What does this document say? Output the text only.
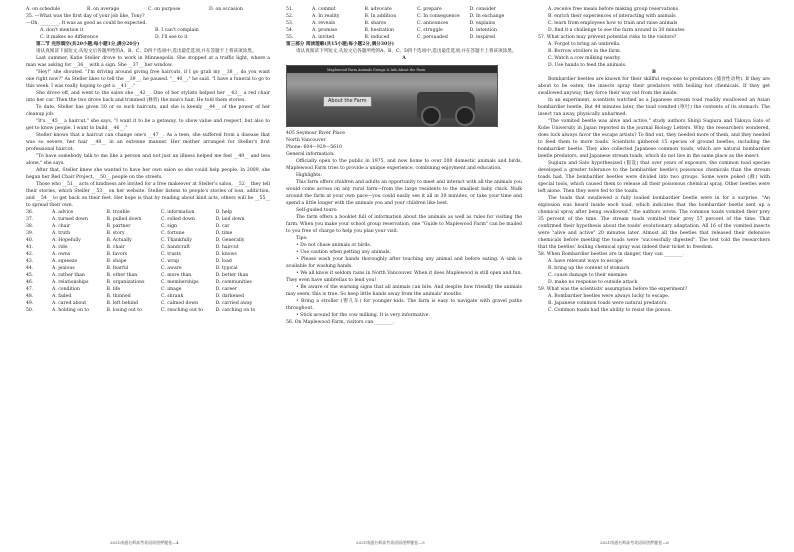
A. on schedule	B. on average	C. on purpose	D. on occasion
35. —What was the first day of your job like, Tony?
—Oh, ________. It was as good as could be expected.
A. don't mention it	B. I can't complain
C. it makes no difference	D. I'll see to it
第二节 完形填空(共20小题;每小题1分,满分20分)

请认真阅读下面短文,从短文后各题所给的A、B、C、D四个选项中,选出最佳选项,并在答题卡上将该项涂黑。

Last summer, Katie Steller drove to work in Minneapolis. She stopped at a traffic light, where a man was asking for __36__ with a sign. She __37__ her window.

"Hey!" she shouted. "I'm driving around giving free haircuts, if I go grab my __38__, do you want one right now?" As Steller likes to tell the __39__, he paused. "__40__," he said. "I have a funeral to go to this week. I was really hoping to get a __41__."

She drove off, and went to the salon she __42__. One of her stylists helped her __43__ a red chair into her car. Then the two drove back and trimmed (修剪) the man's hair. He told them stories.

To date, Steller has given 30 or so such haircuts, and she is keenly __44__ of the power of her cleanup job.

"It's __45__ a haircut," she says, "I want it to be a getaway, to show value and respect, but also to get to know people. I want to build __46__."

Steller knows that a haircut can change one's __47__. As a teen, she suffered from a disease that was so severe, her hair __48__ in an extreme manner. Her mother arranged for Steller's first professional haircut.

"To have somebody talk to me like a person and not just an illness helped me feel __49__ and less alone," she says.

After that, Steller knew she wanted to have her own salon so she could help people. In 2009, she began her Red Chair Project, __50__ people on the streets.

Those who __51__ acts of kindness are invited for a free makeover at Steller's salon, __52__ they tell their stories, which Steller __53__ on her website. Steller listens to people's stories of loss, addiction, and __54__ to get back on their feet. Her hope is that by reading about kind acts, others will be __55__ to spread their own.

36.	A. advice	B. trouble	C. information	D. help
37.	A. turned down	B. pulled down	C. rolled down	D. laid down
38.	A. chair	B. partner	C. sign	D. car
39.	A. truth	B. story	C. fortune	D. time
40.	A. Hopefully	B. Actually	C. Thankfully	D. Generally
41.	A. ride	B. chair	C. handcraft	D. haircut
42.	A. owns	B. favors	C. trusts	D. knows
43.	A. squeeze	B. shape	C. wrap	D. load
44.	A. jealous	B. fearful	C. aware	D. typical
45.	A. rather than	B. other than	C. more than	D. better than
46.	A. relationships	B. organizations	C. memberships	D. communities
47.	A. condition	B. life	C. image	D. career
48.	A. faded	B. thinned	C. shrank	D. darkened
49.	A. cared about	B. left behind	C. calmed down	D. carried away
50.	A. holding on to	B. losing out to	C. reaching out to	D. catching on to
51.	A. commit	B. advocate	C. prepare	D. consider
52.	A. In reality	B. In addition	C. In consequence	D. In exchange
53.	A. reveals	B. shares	C. announces	D. explains
54.	A. promise	B. hesitation	C. struggle	D. intention
55.	A. invited	B. induced	C. persuaded	D. inspired
第三部分 阅读理解(共15小题;每小题2分,满分30分)

请认真阅读下列短文,从短文后各题所给的A、B、C、D四个选项中,选出最佳选项,并在答题卡上将该项涂黑。

A
Maplewood Farm Animals Groups & Info About the Farm
About the Farm
405 Seymour River Place
North Vancouver
Phone: 604—929—5610
General information:

Officially open to the public in 1975, and now home to over 200 domestic animals and birds, Maplewood Farm tries to provide a unique experience, combining enjoyment and education.

Highlights:

This farm offers children and adults an opportunity to meet and interact with all the animals you would come across on any rural farm—from the large residents to the smallest baby chick. Walk around the farm at your own pace—you could easily see it all in 30 minutes, or take your time and spend a little longer with the animals you and your children like best.

Self-guided tours:

The farm offers a booklet full of information about the animals as well as rules for visiting the farm. When you make your school group reservation, one "Guide to Maplewood Farm" can be mailed to you free of charge to help you plan your visit.

Tips:

• Do not chase animals or birds.

• Use caution when petting any animals.

• Please wash your hands thoroughly after touching any animal and before eating. A sink is available for washing hands.

• We all know it seldom rains in North Vancouver. When it does Maplewood is still open and fun. They even have umbrellas to lend you!

• Be aware of the warning signs that all animals can bite. And despite how friendly the animals may seem, this is true. So keep little hands away from the animals' mouths.

• Bring a stroller (婴儿车) for younger kids. The farm is easy to navigate with gravel paths throughout.

• Stick around for the cow milking. It is very informative.

56. On Maplewood Farm, visitors can ________.
A. receive free meals before making group reservations
B. enrich their experiences of interacting with animals
C. learn from employees how to train and raise animals
D. find it a challenge to see the farm around in 30 minutes
57. What action may prevent potential risks to the visitors?
A. Forget to bring an umbrella.
B. Borrow strollers in the farm.
C. Watch a cow milking nearby.
D. Use hands to feed the animals.
B

Bombardier beetles are known for their skillful response to predators (捕食性动物). If they are about to be eaten, the insects spray their predators with boiling hot chemicals. If they get swallowed anyway, they force their way out from the inside.

In an experiment, scientists watched as a Japanese stream toad readily swallowed an Asian bombardier beetle. But 44 minutes later, the toad vomited (呕吐) the contents of its stomach. The insect ran away, physically unharmed.

"The vomited beetle was alive and active," study authors Shinji Sugiura and Takuya Sato of Kobe University in Japan reported in the journal Biology Letters. Why, the researchers wondered, does luck always favor the escape artists? To find out, they needed more of them, and they needed to feed them to more toads. Scientists gathered 15 species of ground beetles, including the bombardier beetle. They also collected Japanese common toads, which are natural bombardier beetle predators, and Japanese stream toads, which do not live in the same place as the insect.

Sugiura and Sato hypothesized (假设) that over years of exposure, the common toad species developed a greater tolerance to the bombardier beetle's poisonous chemicals than the stream toads had. The bombardier beetles were divided into two groups. Some were poked (戳) with special tools, which caused them to release all their poisonous chemical spray. Other beetles were left alone. Then they were fed to the toads.

The toads that swallowed a fully loaded bombardier beetle were in for a surprise. "An explosion was heard inside each toad, which indicates that the bombardier beetle sent up a chemical spray after being swallowed," the authors wrote. The common toads vomited their prey 35 percent of the time. The stream toads vomited their prey 57 percent of the time. That confirmed their hypothesis about the toads' evolutionary adaptation. All 16 of the vomited insects were "alive and active" 20 minutes later. Almost all the beetles that released their defensive chemicals before meeting the toads were "successfully digested". The test told the researchers that the beetles' boiling chemical spray was indeed their ticket to freedom.

58. When Bombardier beetles are in danger, they can ________.
A. have relevant ways to escape
B. bring up the content of stomach
C. cause damage to their enemies
D. make no response to outside attack
59. What was the scientists' assumption before the experiment?
A. Bombardier beetles were always lucky to escape.
B. Japanese common toads were natural predators.
C. Common toads had the ability to resist the poison.
2021南通名师高考英语原创押题卷—4	2021南通名师高考英语原创押题卷—5	2021南通名师高考英语原创押题卷—6
